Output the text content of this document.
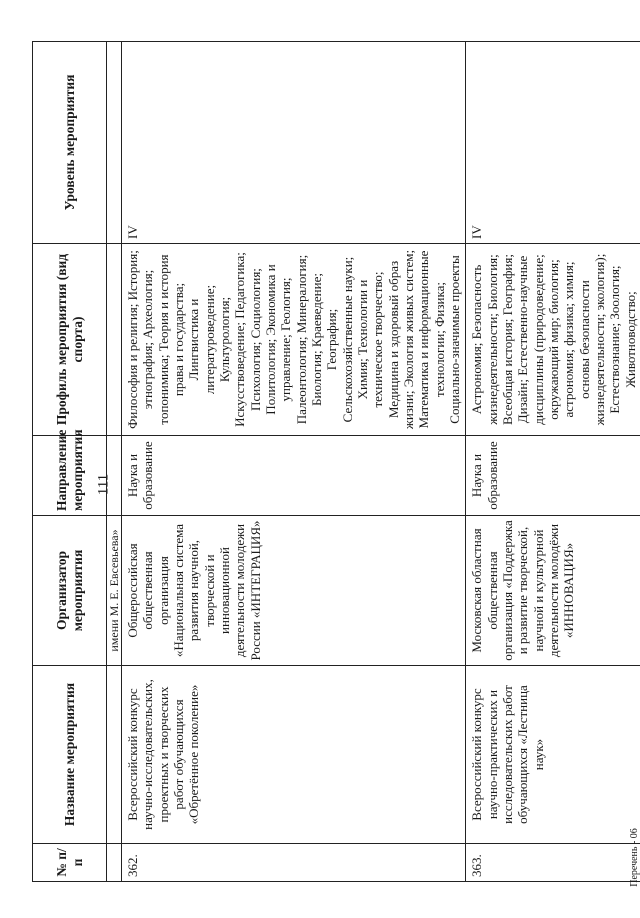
111
№ п/п	Название мероприятия	Организатор мероприятия	Направление мероприятия	Профиль мероприятия (вид спорта)	Уровень мероприятия
		имени М. Е. Евсевьева»			
362.	Всероссийский конкурс научно-исследовательских, проектных и творческих работ обучающихся «Обретённое поколение»	Общероссийская общественная организация «Национальная система развития научной, творческой и инновационной деятельности молодежи России «ИНТЕГРАЦИЯ»	Наука и образование	Философия и религия; История; этнография; Археология; топонимика; Теория и история права и государства; Лингвистика и литературоведение; Культурология; Искусствоведение; Педагогика; Психология; Социология; Политология; Экономика и управление; Геология; Палеонтология; Минералогия; Биология; Краеведение; География; Сельскохозяйственные науки; Химия; Технологии и техническое творчество; Медицина и здоровый образ жизни; Экология живых систем; Математика и информационные технологии; Физика; Социально-значимые проекты	IV
363.	Всероссийский конкурс научно-практических и исследовательских работ обучающихся «Лестница наук»	Московская областная общественная организация «Поддержка и развитие творческой, научной и культурной деятельности молодёжи «ИННОВАЦИЯ»	Наука и образование	Астрономия; Безопасность жизнедеятельности; Биология; Всеобщая история; География; Дизайн; Естественно-научные дисциплины (природоведение; окружающий мир; биология; астрономия; физика; химия; основы безопасности жизнедеятельности; экология); Естествознание; Зоология; Животноводство;	IV
Перечень - 06
